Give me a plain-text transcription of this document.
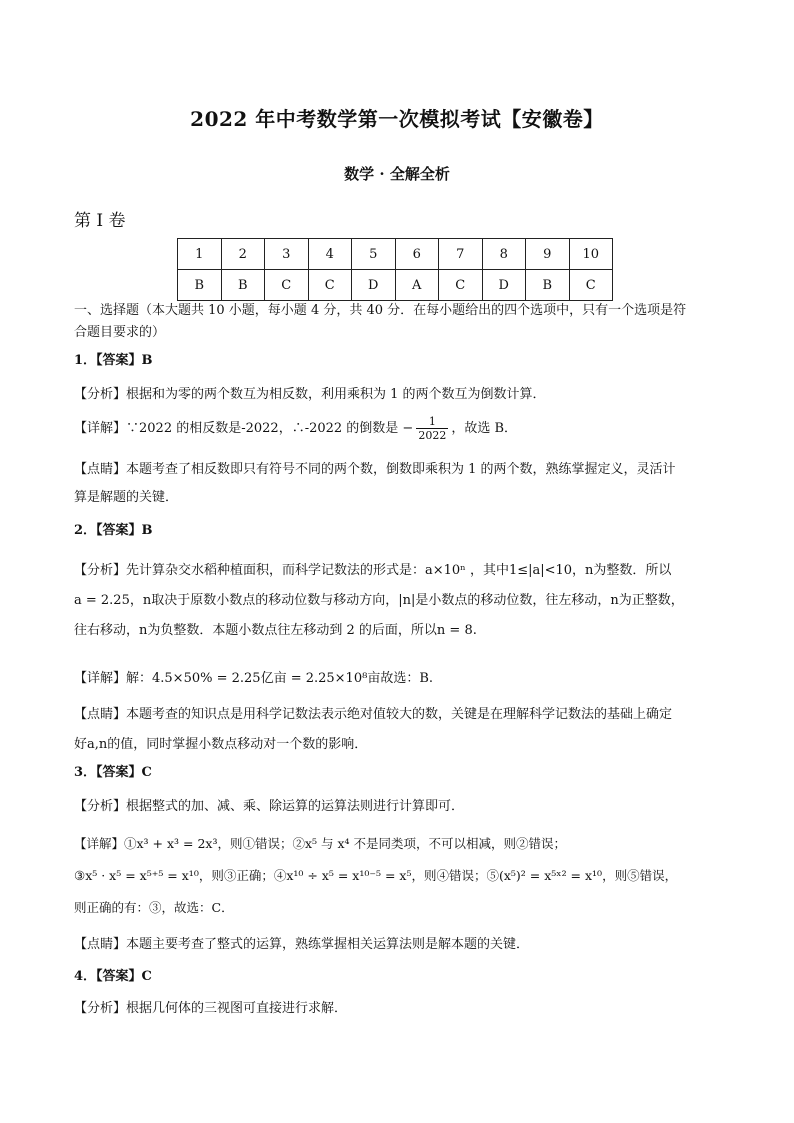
2022 年中考数学第一次模拟考试【安徽卷】
数学 · 全解全析
第 I 卷
1	2	3	4	5	6	7	8	9	10
B	B	C	C	D	A	C	D	B	C
一、选择题（本大题共 10 小题，每小题 4 分，共 40 分．在每小题给出的四个选项中，只有一个选项是符
合题目要求的）
1．【答案】B
【分析】根据和为零的两个数互为相反数，利用乘积为 1 的两个数互为倒数计算．
【详解】∵2022 的相反数是-2022，∴-2022 的倒数是 − $\frac{1}{2022}$ ，故选 B．
【点睛】本题考查了相反数即只有符号不同的两个数，倒数即乘积为 1 的两个数，熟练掌握定义，灵活计
算是解题的关键．
2．【答案】B
【分析】先计算杂交水稻种植面积，而科学记数法的形式是：a×10ⁿ ，其中1≤|a|<10，n为整数．所以
a = 2.25，n取决于原数小数点的移动位数与移动方向，|n|是小数点的移动位数，往左移动，n为正整数，
往右移动，n为负整数．本题小数点往左移动到 2 的后面，所以n = 8.
【详解】解：4.5×50% = 2.25亿亩 = 2.25×10⁸亩故选：B.
【点睛】本题考查的知识点是用科学记数法表示绝对值较大的数，关键是在理解科学记数法的基础上确定
好a,n的值，同时掌握小数点移动对一个数的影响．
3．【答案】C
【分析】根据整式的加、减、乘、除运算的运算法则进行计算即可．
【详解】①x³ + x³ = 2x³，则①错误；②x⁵ 与 x⁴ 不是同类项，不可以相减，则②错误；
③x⁵ · x⁵ = x⁵⁺⁵ = x¹⁰，则③正确；④x¹⁰ ÷ x⁵ = x¹⁰⁻⁵ = x⁵，则④错误；⑤(x⁵)² = x⁵ˣ² = x¹⁰，则⑤错误，
则正确的有：③，故选：C．
【点睛】本题主要考查了整式的运算，熟练掌握相关运算法则是解本题的关键．
4．【答案】C
【分析】根据几何体的三视图可直接进行求解．
